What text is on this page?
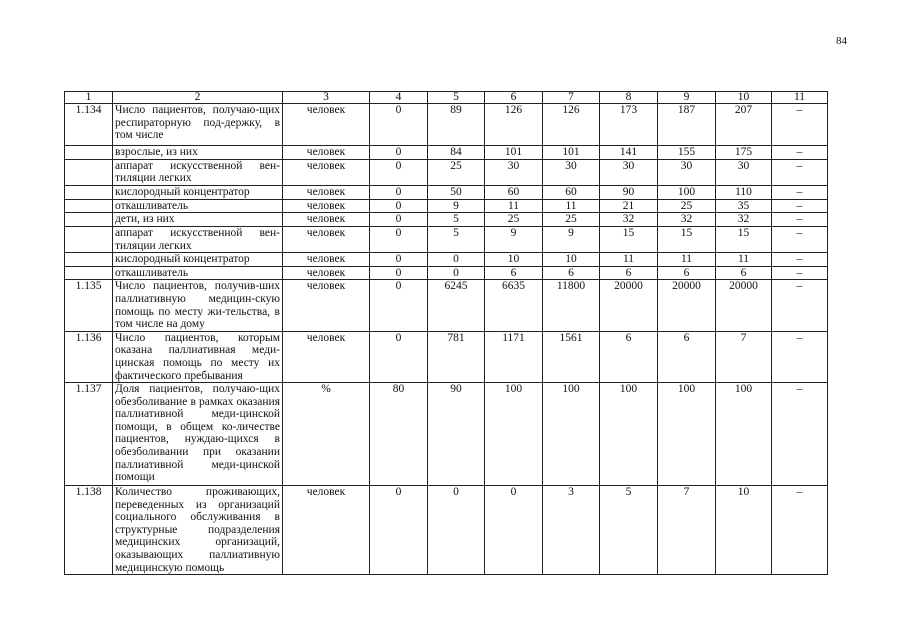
84
1	2	3	4	5	6	7	8	9	10	11
1.134	Число пациентов, получаю-щих респираторную под-держку, в том числе	человек	0	89	126	126	173	187	207	–
	взрослые, из них	человек	0	84	101	101	141	155	175	–
	аппарат искусственной вен-тиляции легких	человек	0	25	30	30	30	30	30	–
	кислородный концентратор	человек	0	50	60	60	90	100	110	–
	откашливатель	человек	0	9	11	11	21	25	35	–
	дети, из них	человек	0	5	25	25	32	32	32	–
	аппарат искусственной вен-тиляции легких	человек	0	5	9	9	15	15	15	–
	кислородный концентратор	человек	0	0	10	10	11	11	11	–
	откашливатель	человек	0	0	6	6	6	6	6	–
1.135	Число пациентов, получив-ших паллиативную медицин-скую помощь по месту жи-тельства, в том числе на дому	человек	0	6245	6635	11800	20000	20000	20000	–
1.136	Число пациентов, которым оказана паллиативная меди-цинская помощь по месту их фактического пребывания	человек	0	781	1171	1561	6	6	7	–
1.137	Доля пациентов, получаю-щих обезболивание в рамках оказания паллиативной меди-цинской помощи, в общем ко-личестве пациентов, нуждаю-щихся в обезболивании при оказании паллиативной меди-цинской помощи	%	80	90	100	100	100	100	100	–
1.138	Количество проживающих, переведенных из организаций социального обслуживания в структурные подразделения медицинских организаций, оказывающих паллиативную медицинскую помощь	человек	0	0	0	3	5	7	10	–
